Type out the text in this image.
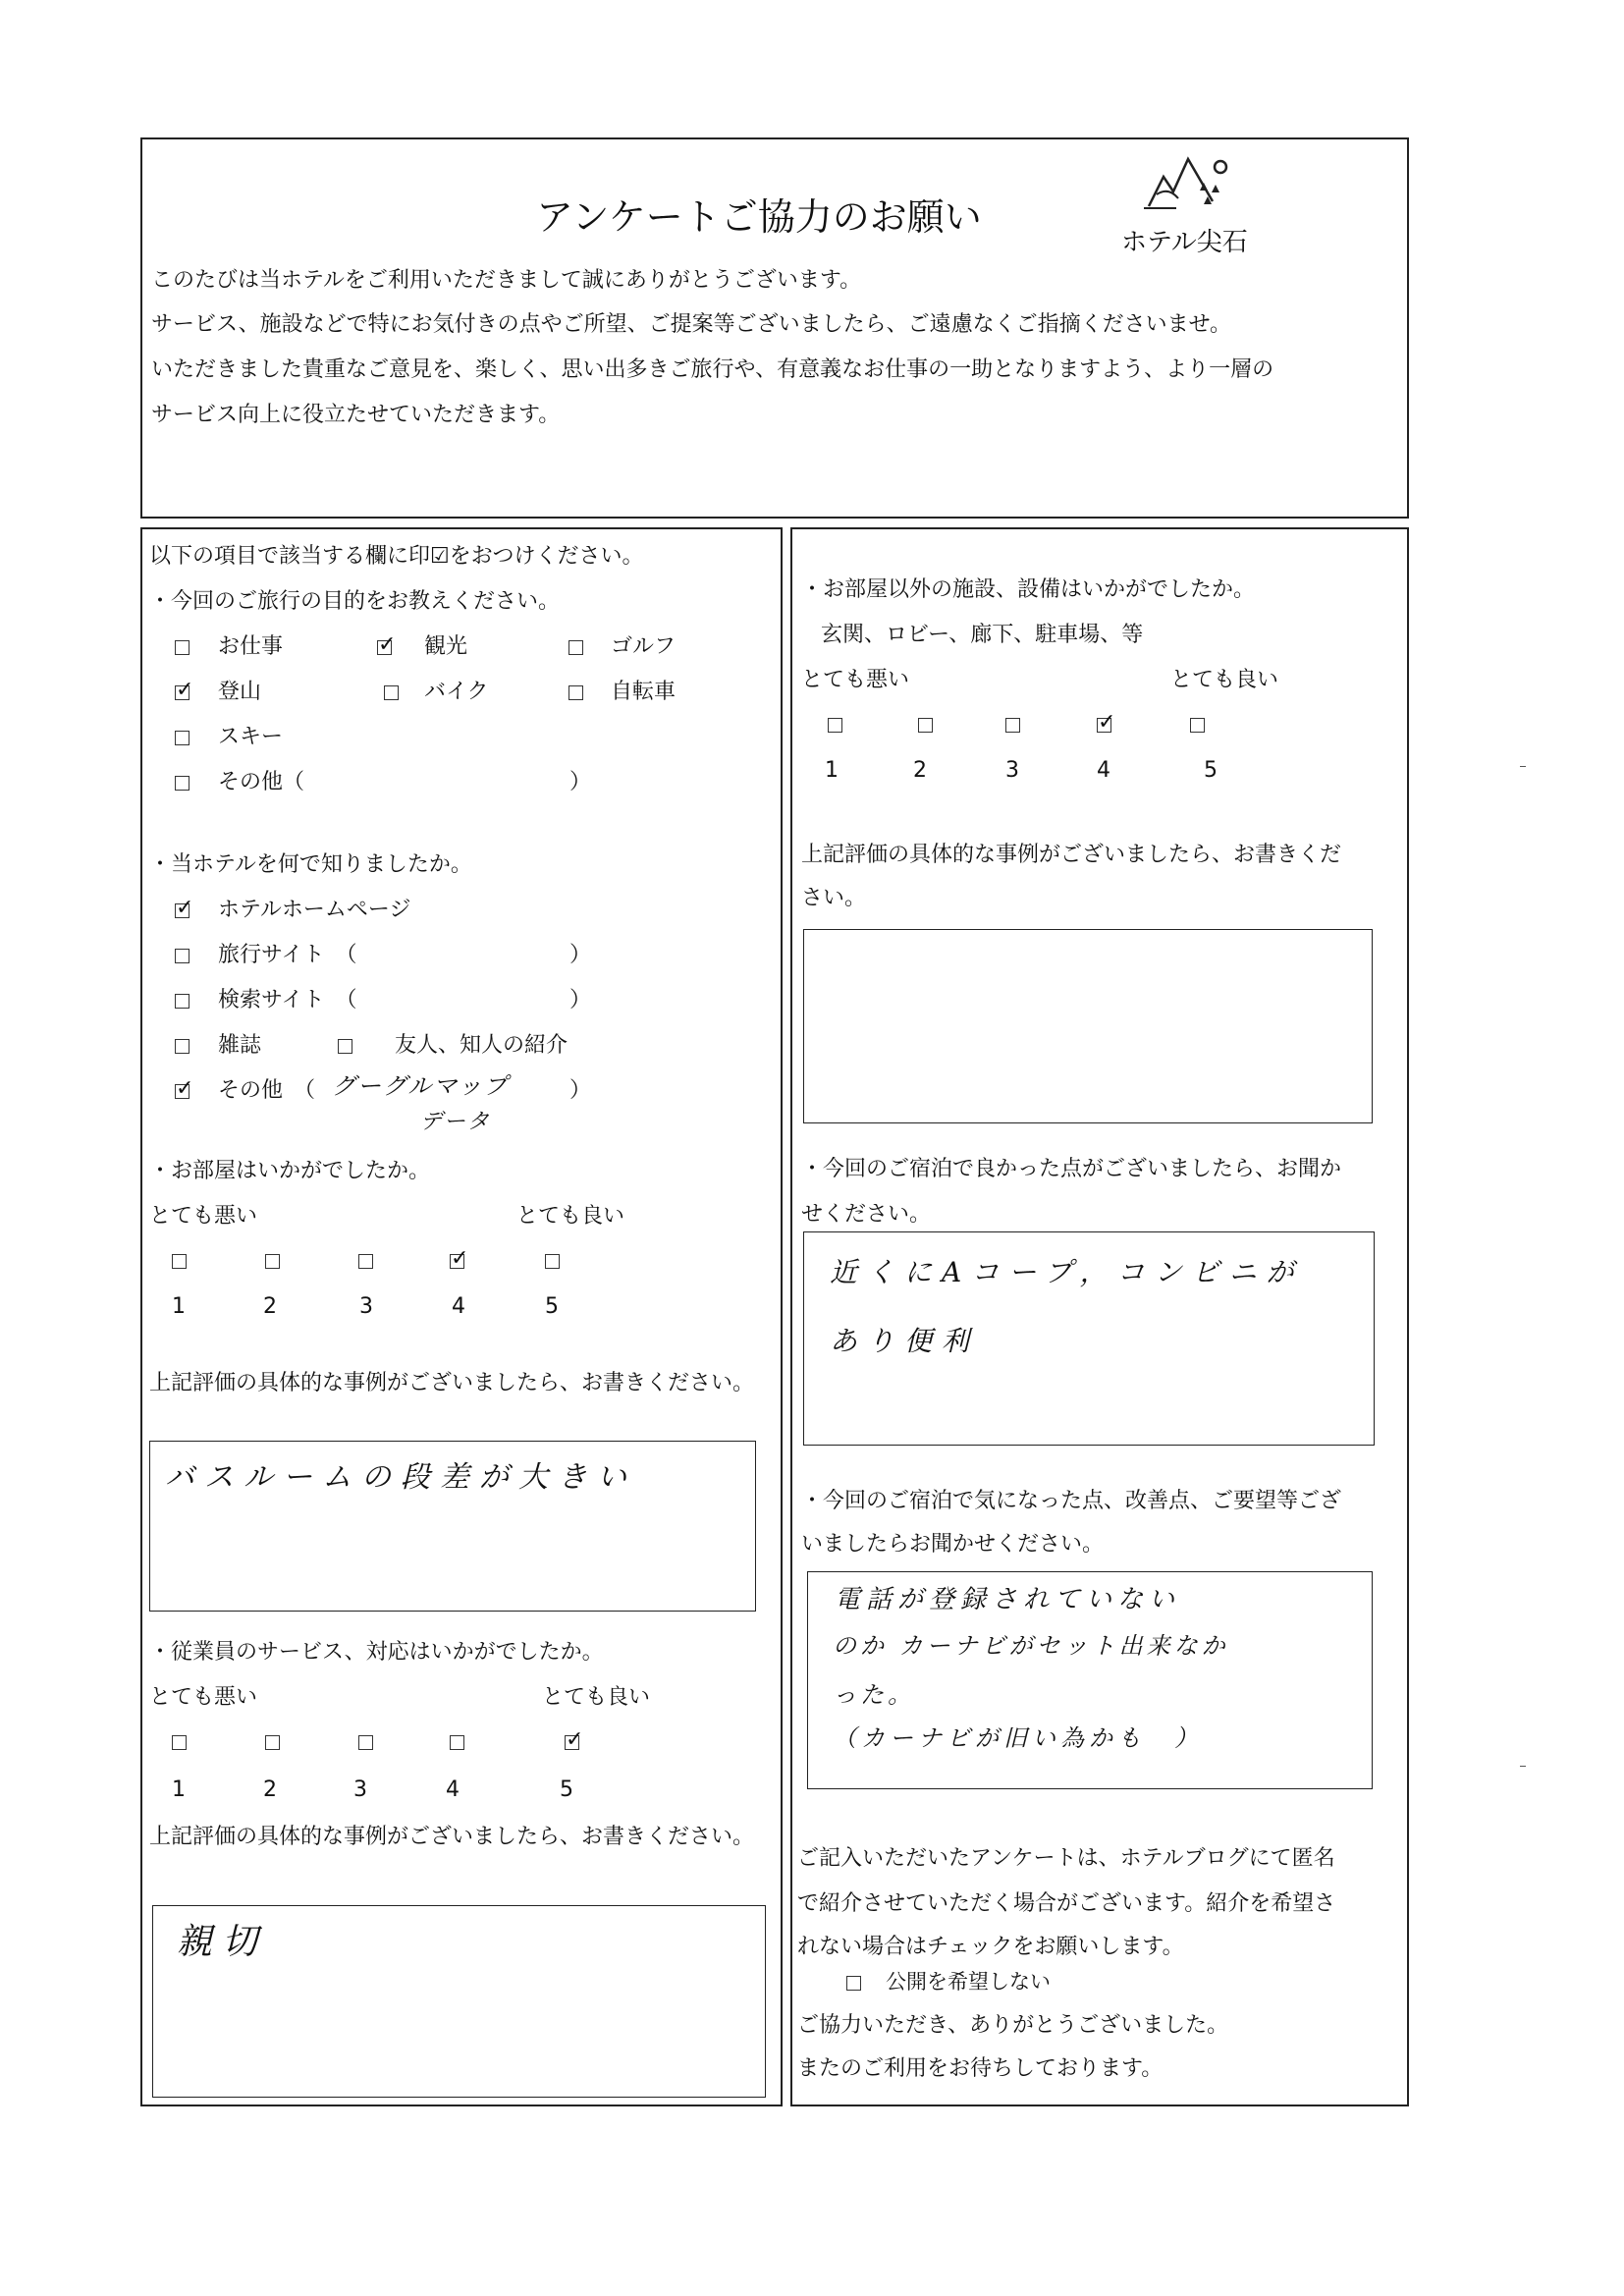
アンケートご協力のお願い
ホテル尖石
このたびは当ホテルをご利用いただきまして誠にありがとうございます。
サービス、施設などで特にお気付きの点やご所望、ご提案等ございましたら、ご遠慮なくご指摘くださいませ。
いただきました貴重なご意見を、楽しく、思い出多きご旅行や、有意義なお仕事の一助となりますよう、より一層の
サービス向上に役立たせていただきます。
以下の項目で該当する欄に印☑をおつけください。
・今回のご旅行の目的をお教えください。
お仕事
✓	観光	ゴルフ
✓
登山	バイク	自転車
スキー
その他（	）
・当ホテルを何で知りましたか。
✓
ホテルホームページ
旅行サイト　（	）
検索サイト　（	）
雑誌	友人、知人の紹介
✓
その他　（	）
グーグルマップ
データ
・お部屋はいかがでしたか。
とても悪い	とても良い
✓
1	2	3	4	5
上記評価の具体的な事例がございましたら、お書きください。
バスルームの段差が大きい
・従業員のサービス、対応はいかがでしたか。
とても悪い	とても良い
✓
1	2	3	4	5
上記評価の具体的な事例がございましたら、お書きください。
親切
・お部屋以外の施設、設備はいかがでしたか。
玄関、ロビー、廊下、駐車場、等
とても悪い	とても良い
✓
1	2	3	4	5
上記評価の具体的な事例がございましたら、お書きくだ
さい。
・今回のご宿泊で良かった点がございましたら、お聞か
せください。
近くにAコープ，コンビニが
あり便利
・今回のご宿泊で気になった点、改善点、ご要望等ござ
いましたらお聞かせください。
電話が登録されていない
のか カーナビがセット出来なか
った。
（カーナビが旧い為かも　）
ご記入いただいたアンケートは、ホテルブログにて匿名
で紹介させていただく場合がございます。紹介を希望さ
れない場合はチェックをお願いします。
公開を希望しない
ご協力いただき、ありがとうございました。
またのご利用をお待ちしております。
